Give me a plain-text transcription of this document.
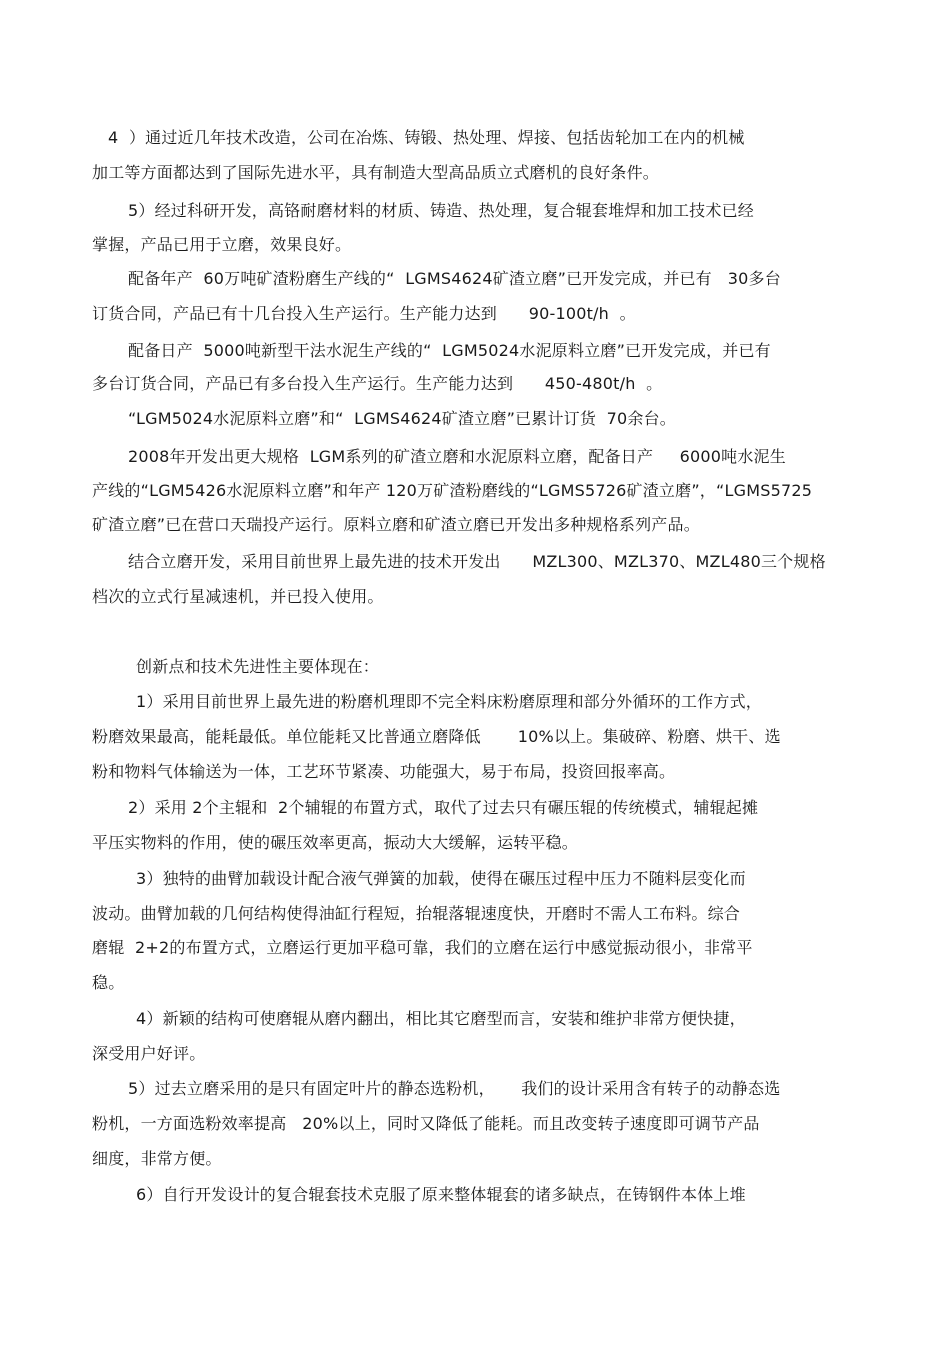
4  ）通过近几年技术改造，公司在冶炼、铸锻、热处理、焊接、包括齿轮加工在内的机械
加工等方面都达到了国际先进水平，具有制造大型高品质立式磨机的良好条件。
5）经过科研开发，高铬耐磨材料的材质、铸造、热处理，复合辊套堆焊和加工技术已经
掌握，产品已用于立磨，效果良好。
配备年产  60万吨矿渣粉磨生产线的“  LGMS4624矿渣立磨”已开发完成，并已有   30多台
订货合同，产品已有十几台投入生产运行。生产能力达到      90-100t/h  。
配备日产  5000吨新型干法水泥生产线的“  LGM5024水泥原料立磨”已开发完成，并已有
多台订货合同，产品已有多台投入生产运行。生产能力达到      450-480t/h  。
“LGM5024水泥原料立磨”和“  LGMS4624矿渣立磨”已累计订货  70余台。
2008年开发出更大规格  LGM系列的矿渣立磨和水泥原料立磨，配备日产     6000吨水泥生
产线的“LGM5426水泥原料立磨”和年产 120万矿渣粉磨线的“LGMS5726矿渣立磨”，“LGMS5725
矿渣立磨”已在营口天瑞投产运行。原料立磨和矿渣立磨已开发出多种规格系列产品。
结合立磨开发，采用目前世界上最先进的技术开发出      MZL300、MZL370、MZL480三个规格
档次的立式行星减速机，并已投入使用。
创新点和技术先进性主要体现在：
1）采用目前世界上最先进的粉磨机理即不完全料床粉磨原理和部分外循环的工作方式，
粉磨效果最高，能耗最低。单位能耗又比普通立磨降低       10%以上。集破碎、粉磨、烘干、选
粉和物料气体输送为一体，工艺环节紧凑、功能强大，易于布局，投资回报率高。
2）采用 2个主辊和  2个辅辊的布置方式，取代了过去只有碾压辊的传统模式，辅辊起摊
平压实物料的作用，使的碾压效率更高，振动大大缓解，运转平稳。
3）独特的曲臂加载设计配合液气弹簧的加载，使得在碾压过程中压力不随料层变化而
波动。曲臂加载的几何结构使得油缸行程短，抬辊落辊速度快，开磨时不需人工布料。综合
磨辊  2+2的布置方式，立磨运行更加平稳可靠，我们的立磨在运行中感觉振动很小，非常平
稳。
4）新颖的结构可使磨辊从磨内翻出，相比其它磨型而言，安装和维护非常方便快捷，
深受用户好评。
5）过去立磨采用的是只有固定叶片的静态选粉机，     我们的设计采用含有转子的动静态选
粉机，一方面选粉效率提高   20%以上，同时又降低了能耗。而且改变转子速度即可调节产品
细度，非常方便。
6）自行开发设计的复合辊套技术克服了原来整体辊套的诸多缺点，在铸钢件本体上堆
